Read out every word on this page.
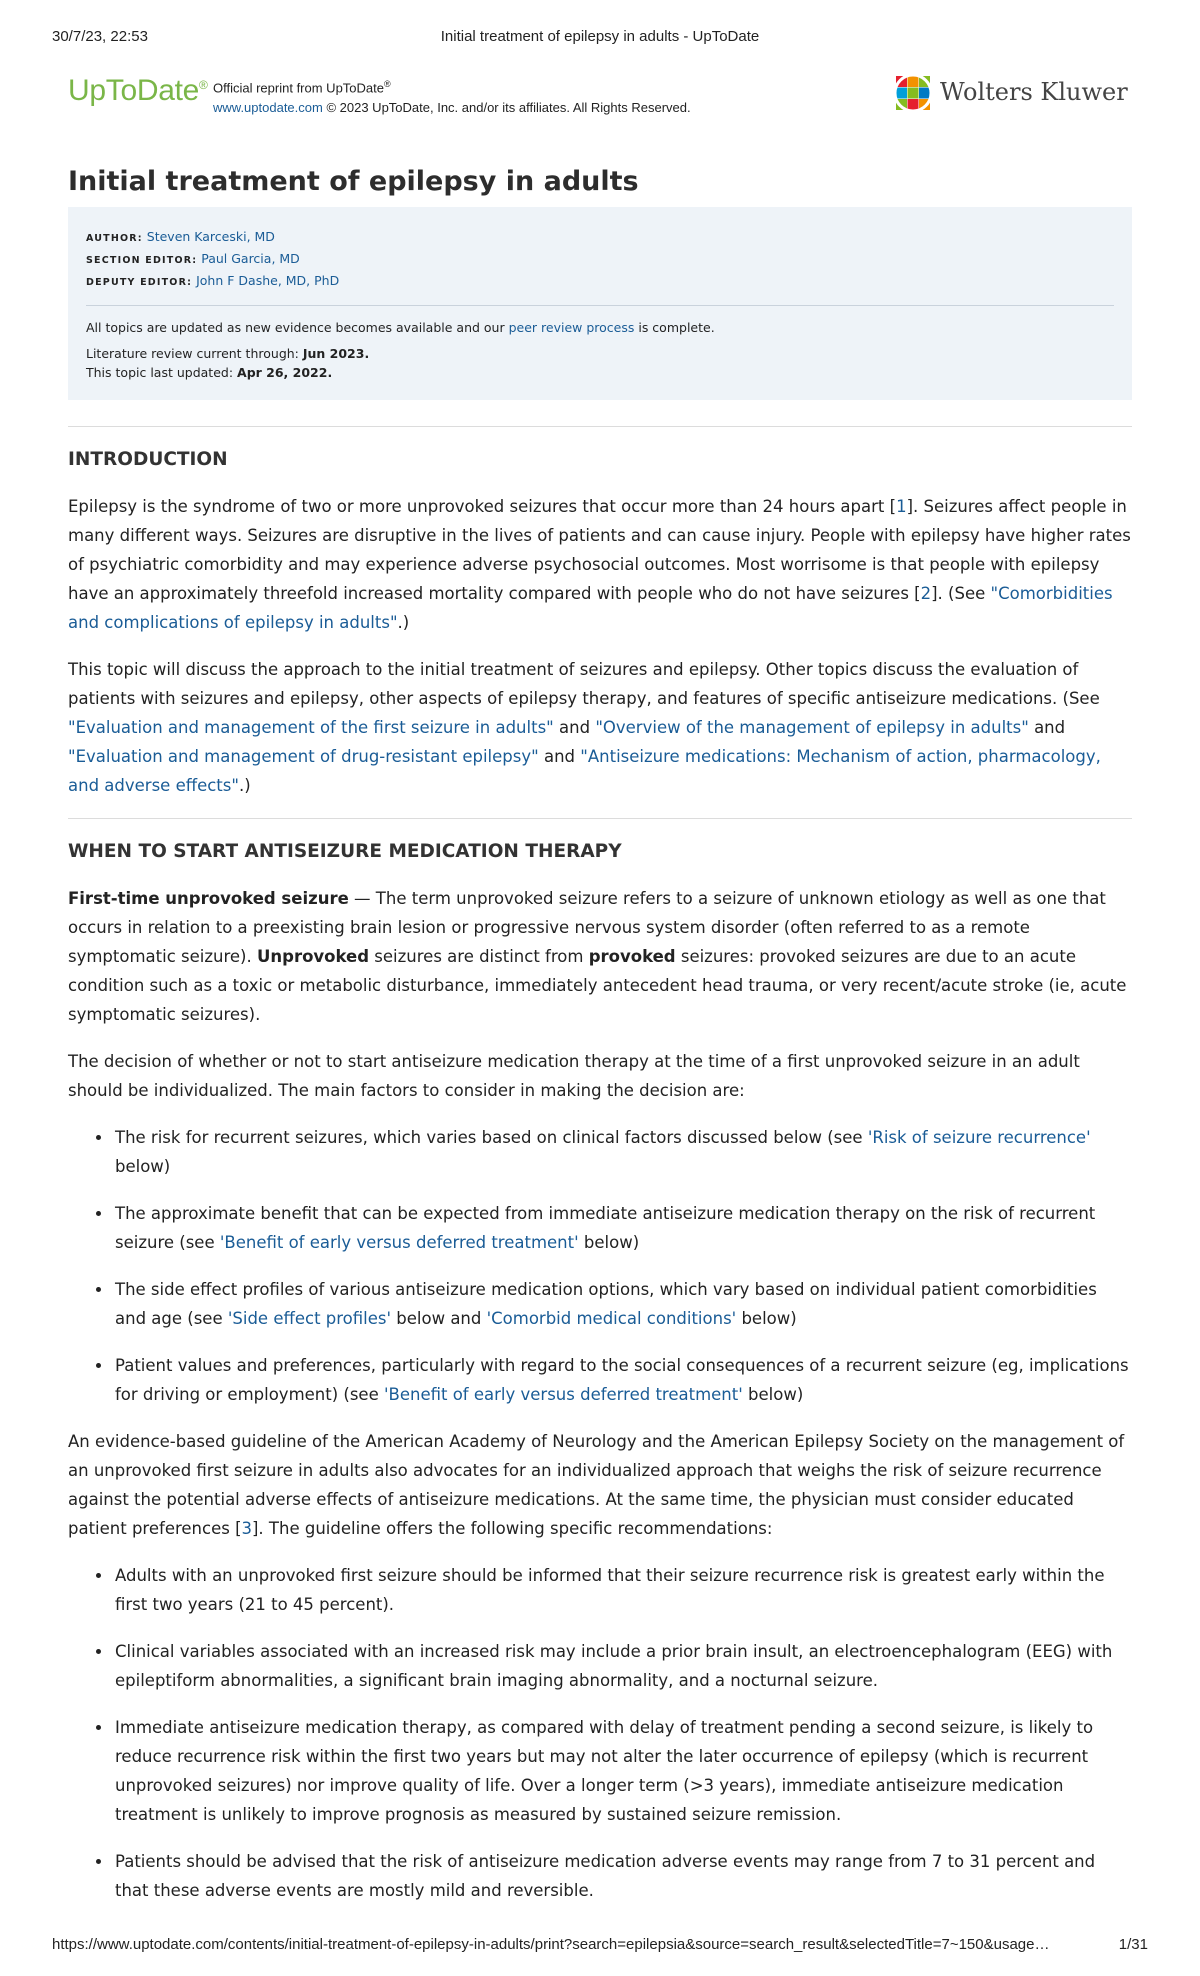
30/7/23, 22:53	Initial treatment of epilepsy in adults - UpToDate
UpToDate® Official reprint from UpToDate®
www.uptodate.com © 2023 UpToDate, Inc. and/or its affiliates. All Rights Reserved.
Wolters Kluwer
Initial treatment of epilepsy in adults
AUTHOR: Steven Karceski, MD
SECTION EDITOR: Paul Garcia, MD
DEPUTY EDITOR: John F Dashe, MD, PhD
All topics are updated as new evidence becomes available and our peer review process is complete.
Literature review current through: Jun 2023.
This topic last updated: Apr 26, 2022.
INTRODUCTION

Epilepsy is the syndrome of two or more unprovoked seizures that occur more than 24 hours apart [1]. Seizures affect people in many different ways. Seizures are disruptive in the lives of patients and can cause injury. People with epilepsy have higher rates of psychiatric comorbidity and may experience adverse psychosocial outcomes. Most worrisome is that people with epilepsy have an approximately threefold increased mortality compared with people who do not have seizures [2]. (See "Comorbidities and complications of epilepsy in adults".)

This topic will discuss the approach to the initial treatment of seizures and epilepsy. Other topics discuss the evaluation of patients with seizures and epilepsy, other aspects of epilepsy therapy, and features of specific antiseizure medications. (See "Evaluation and management of the first seizure in adults" and "Overview of the management of epilepsy in adults" and "Evaluation and management of drug-resistant epilepsy" and "Antiseizure medications: Mechanism of action, pharmacology, and adverse effects".)

WHEN TO START ANTISEIZURE MEDICATION THERAPY

First-time unprovoked seizure — The term unprovoked seizure refers to a seizure of unknown etiology as well as one that occurs in relation to a preexisting brain lesion or progressive nervous system disorder (often referred to as a remote symptomatic seizure). Unprovoked seizures are distinct from provoked seizures: provoked seizures are due to an acute condition such as a toxic or metabolic disturbance, immediately antecedent head trauma, or very recent/acute stroke (ie, acute symptomatic seizures).

The decision of whether or not to start antiseizure medication therapy at the time of a first unprovoked seizure in an adult should be individualized. The main factors to consider in making the decision are:

• The risk for recurrent seizures, which varies based on clinical factors discussed below (see 'Risk of seizure recurrence' below)
• The approximate benefit that can be expected from immediate antiseizure medication therapy on the risk of recurrent seizure (see 'Benefit of early versus deferred treatment' below)
• The side effect profiles of various antiseizure medication options, which vary based on individual patient comorbidities and age (see 'Side effect profiles' below and 'Comorbid medical conditions' below)
• Patient values and preferences, particularly with regard to the social consequences of a recurrent seizure (eg, implications for driving or employment) (see 'Benefit of early versus deferred treatment' below)

An evidence-based guideline of the American Academy of Neurology and the American Epilepsy Society on the management of an unprovoked first seizure in adults also advocates for an individualized approach that weighs the risk of seizure recurrence against the potential adverse effects of antiseizure medications. At the same time, the physician must consider educated patient preferences [3]. The guideline offers the following specific recommendations:

• Adults with an unprovoked first seizure should be informed that their seizure recurrence risk is greatest early within the first two years (21 to 45 percent).
• Clinical variables associated with an increased risk may include a prior brain insult, an electroencephalogram (EEG) with epileptiform abnormalities, a significant brain imaging abnormality, and a nocturnal seizure.
• Immediate antiseizure medication therapy, as compared with delay of treatment pending a second seizure, is likely to reduce recurrence risk within the first two years but may not alter the later occurrence of epilepsy (which is recurrent unprovoked seizures) nor improve quality of life. Over a longer term (>3 years), immediate antiseizure medication treatment is unlikely to improve prognosis as measured by sustained seizure remission.
• Patients should be advised that the risk of antiseizure medication adverse events may range from 7 to 31 percent and that these adverse events are mostly mild and reversible.
https://www.uptodate.com/contents/initial-treatment-of-epilepsy-in-adults/print?search=epilepsia&source=search_result&selectedTitle=7~150&usage…	1/31
